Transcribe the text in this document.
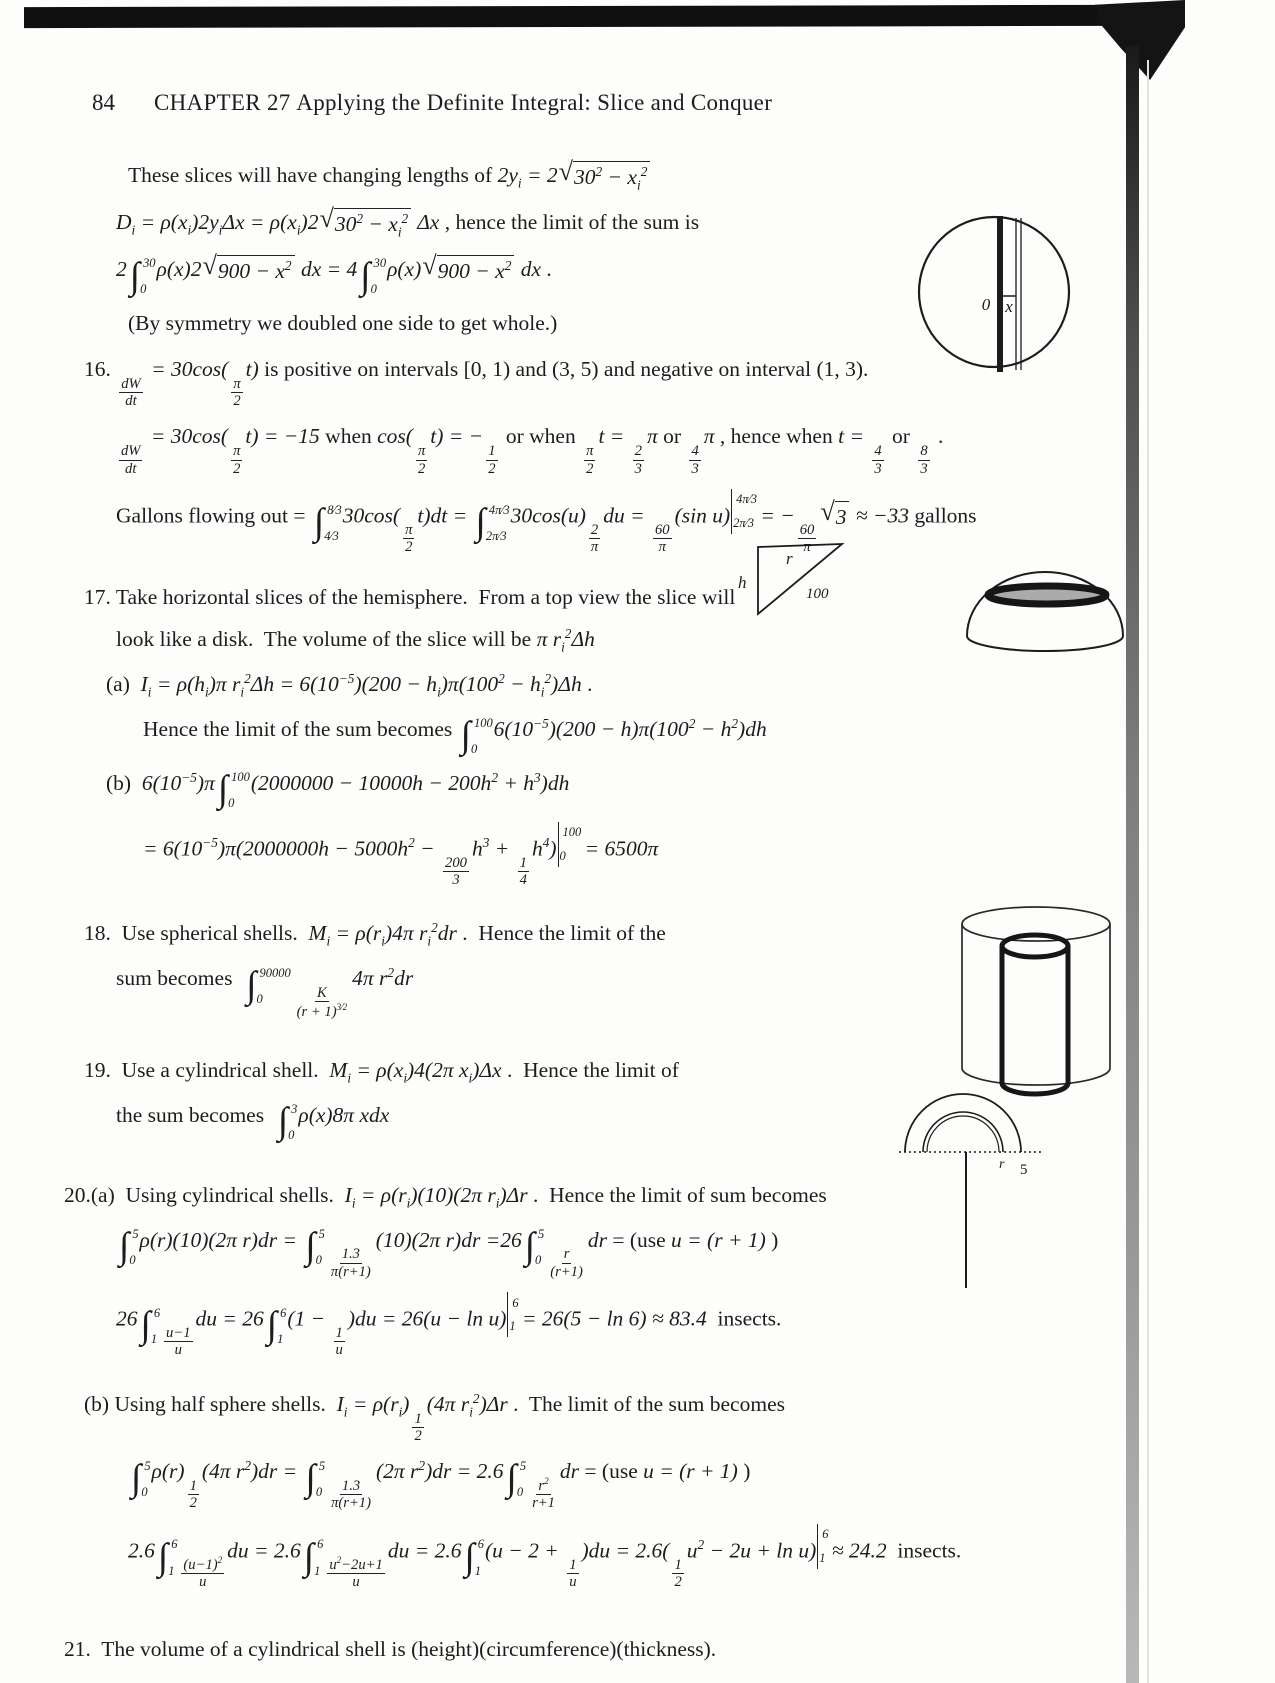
84 CHAPTER 27 Applying the Definite Integral: Slice and Conquer
These slices will have changing lengths of $2y_i = 2$ √ $30^2 - x_i^2$
$D_i = \rho(x_i)2y_i\Delta x = \rho(x_i)2$ √ $30^2 - x_i^2$ Δx , hence the limit of the sum is
2 ∫ 30
0
ρ(x)2 √ $900 - x^2$ dx = 4 ∫ 30
0
ρ(x) √ $900 - x^2$ dx .
(By symmetry we doubled one side to get whole.)
16.
$\frac{dW}{dt}$
= 30cos(
$\frac{\pi}{2}$
t) is positive on intervals [0, 1) and (3, 5) and negative on interval (1, 3).
$\frac{dW}{dt}$
= 30cos(
$\frac{\pi}{2}$
t) = −15 when cos(
$\frac{\pi}{2}$
t) = −
$\frac{1}{2}$
or when
$\frac{\pi}{2}$
t =
$\frac{2}{3}$
π or
$\frac{4}{3}$
π , hence when t =
$\frac{4}{3}$
or
$\frac{8}{3}$
.
Gallons flowing out = ∫ 8⁄3
4⁄3
30cos(
$\frac{\pi}{2}$
t)dt = ∫ 4π⁄3
2π⁄3
30cos(u)
$\frac{2}{\pi}$
du =
$\frac{60}{\pi}$
(sin u)
4π⁄3
2π⁄3 = −
$\frac{60}{\pi}$
√ 3 ≈ −33 gallons
17. Take horizontal slices of the hemisphere.  From a top view the slice will
look like a disk.  The volume of the slice will be π $r_i^2\Delta h$
(a)  $I_i = \rho(h_i)\pi$ $r_i^2\Delta h = 6(10^{-5})(200 - h_i)\pi(100^2 - h_i^2)\Delta h$ .
Hence the limit of the sum becomes ∫ 100
0
$6(10^{-5})(200 - h)\pi(100^2 - h^2)dh$
(b)  $6(10^{-5})\pi$ ∫ 100
0
$(2000000 - 10000h - 200h^2 + h^3)dh$
= $6(10^{-5})\pi(2000000h - 5000h^2$ −
$\frac{200}{3}$
$h^3$ +
$\frac{1}{4}$
$h^4$)
100
0 = 6500π
18.  Use spherical shells.  $M_i = \rho(r_i)4\pi$ $r_i^2dr$ .  Hence the limit of the
sum becomes ∫ 90000
0	$\frac{K}{(r + 1)^{3⁄2}}$
4π $r^2dr$
19.  Use a cylindrical shell.  $M_i = \rho(x_i)4(2\pi$ $x_i)\Delta x$ .  Hence the limit of
the sum becomes ∫ 3
0
ρ(x)8π xdx
20.(a)  Using cylindrical shells.  $I_i = \rho(r_i)(10)(2\pi$ $r_i)\Delta r$ .  Hence the limit of sum becomes
∫ 5
0
ρ(r)(10)(2π r)dr = ∫ 5
$0 \frac{1.3}{\pi(r+1)}$
(10)(2π r)dr =26 ∫ 5
$0 \frac{r}{(r+1)}$
dr = (use u = (r + 1) )
26 ∫ 6
$1 \frac{u-1}{u}$
du = 26 ∫ 6
1
(1 −
$\frac{1}{u}$
)du = 26(u − ln u)
6
1 = 26(5 − ln 6) ≈ 83.4  insects.
(b) Using half sphere shells.  $I_i = \rho(r_i)$
$\frac{1}{2}$
(4π $r_i^2)\Delta r$ .  The limit of the sum becomes
∫ 5
0
ρ(r)
$\frac{1}{2}$
(4π $r^2)dr$ = ∫ 5
$0 \frac{1.3}{\pi(r+1)}$
(2π $r^2)dr = 2.6$ ∫ 5
$0 \frac{r^2}{r+1}$
dr = (use u = (r + 1) )
2.6 ∫ 6
$1 \frac{(u-1)^2}{u}$
du = 2.6 ∫ 6
$1 \frac{u^2-2u+1}{u}$
du = 2.6 ∫ 6
1
(u − 2 +
$\frac{1}{u}$
)du = 2.6(
$\frac{1}{2}$
$u^2 - 2u + \ln u$)
6
1 ≈ 24.2  insects.
21.  The volume of a cylindrical shell is (height)(circumference)(thickness).
0 x
h
r
100
r 5
